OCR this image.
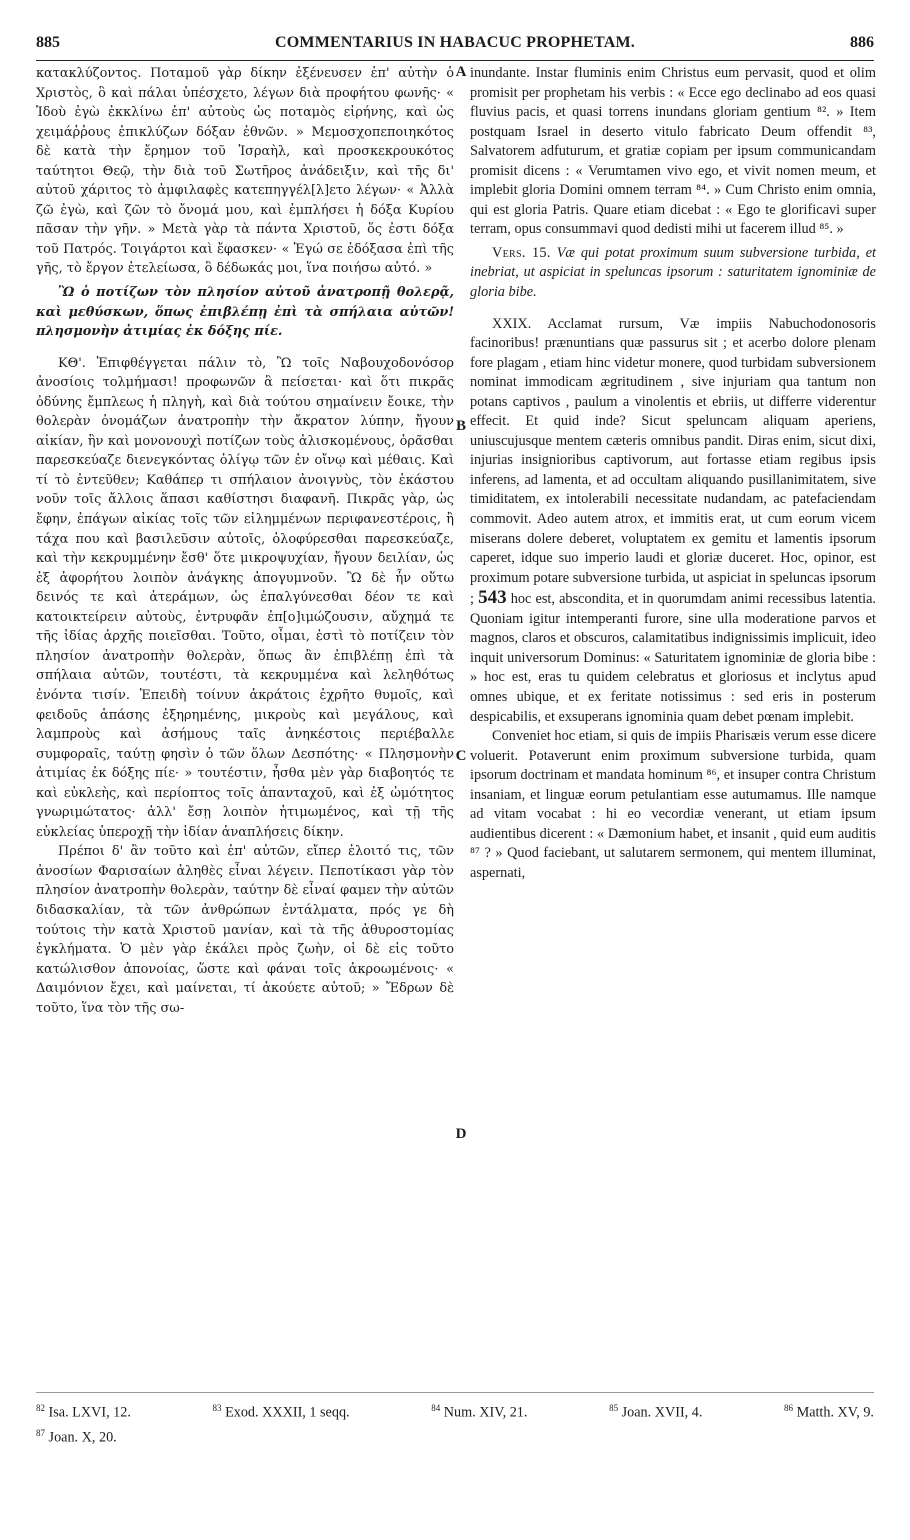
885	COMMENTARIUS IN HABACUC PROPHETAM.	886

κατακλύζοντος. Ποταμοῦ γὰρ δίκην ἐξένευσεν ἐπ' αὐτὴν ὁ Χριστὸς, ὃ καὶ πάλαι ὑπέσχετο, λέγων διὰ προφήτου φωνῆς· « Ἰδοὺ ἐγὼ ἐκκλίνω ἐπ' αὐτοὺς ὡς ποταμὸς εἰρήνης, καὶ ὡς χειμάῤῥους ἐπικλύζων δόξαν ἐθνῶν. » Μεμοσχοπεποιηκότος δὲ κατὰ τὴν ἔρημον τοῦ Ἰσραὴλ, καὶ προσκεκρουκότος ταύτητοι Θεῷ, τὴν διὰ τοῦ Σωτῆρος ἀνάδειξιν, καὶ τῆς δι' αὐτοῦ χάριτος τὸ ἀμφιλαφὲς κατεπηγγέλ[λ]ετο λέγων· « Ἀλλὰ ζῶ ἐγὼ, καὶ ζῶν τὸ ὄνομά μου, καὶ ἐμπλήσει ἡ δόξα Κυρίου πᾶσαν τὴν γῆν. » Μετὰ γὰρ τὰ πάντα Χριστοῦ, ὅς ἐστι δόξα τοῦ Πατρός. Τοιγάρτοι καὶ ἔφασκεν· « Ἐγώ σε ἐδόξασα ἐπὶ τῆς γῆς, τὸ ἔργον ἐτελείωσα, ὃ δέδωκάς μοι, ἵνα ποιήσω αὐτό. »

Ὢ ὁ ποτίζων τὸν πλησίον αὐτοῦ ἀνατροπῇ θολερᾷ, καὶ μεθύσκων, ὅπως ἐπιβλέπῃ ἐπὶ τὰ σπήλαια αὐτῶν! πλησμονὴν ἀτιμίας ἐκ δόξης πίε.

ΚΘ'. Ἐπιφθέγγεται πάλιν τὸ, Ὢ τοῖς Ναβουχοδονόσορ ἀνοσίοις τολμήμασι! προφωνῶν ἃ πείσεται· καὶ ὅτι πικρᾶς ὀδύνης ἔμπλεως ἡ πληγὴ, καὶ διὰ τούτου σημαίνειν ἔοικε, τὴν θολερὰν ὀνομάζων ἀνατροπὴν τὴν ἄκρατον λύπην, ἤγουν αἰκίαν, ἣν καὶ μονονουχὶ ποτίζων τοὺς ἁλισκομένους, ὁρᾶσθαι παρεσκεύαζε διενεγκόντας ὀλίγῳ τῶν ἐν οἴνῳ καὶ μέθαις. Καὶ τί τὸ ἐντεῦθεν; Καθάπερ τι σπήλαιον ἀνοιγνὺς, τὸν ἑκάστου νοῦν τοῖς ἄλλοις ἅπασι καθίστησι διαφανῆ. Πικρᾶς γὰρ, ὡς ἔφην, ἐπάγων αἰκίας τοῖς τῶν εἰλημμένων περιφανεστέροις, ἢ τάχα που καὶ βασιλεῦσιν αὐτοῖς, ὀλοφύρεσθαι παρεσκεύαζε, καὶ τὴν κεκρυμμένην ἔσθ' ὅτε μικροψυχίαν, ἤγουν δειλίαν, ὡς ἐξ ἀφορήτου λοιπὸν ἀνάγκης ἀπογυμνοῦν. Ὢ δὲ ἦν οὕτω δεινός τε καὶ ἀτεράμων, ὡς ἐπαλγύνεσθαι δέον τε καὶ κατοικτείρειν αὐτοὺς, ἐντρυφᾶν ἐπ[ο]ιμώζουσιν, αὔχημά τε τῆς ἰδίας ἀρχῆς ποιεῖσθαι. Τοῦτο, οἶμαι, ἐστὶ τὸ ποτίζειν τὸν πλησίον ἀνατροπὴν θολερὰν, ὅπως ἂν ἐπιβλέπῃ ἐπὶ τὰ σπήλαια αὐτῶν, τουτέστι, τὰ κεκρυμμένα καὶ λεληθότως ἐνόντα τισίν. Ἐπειδὴ τοίνυν ἀκράτοις ἐχρῆτο θυμοῖς, καὶ φειδοῦς ἁπάσης ἐξηρημένης, μικροὺς καὶ μεγάλους, καὶ λαμπροὺς καὶ ἀσήμους ταῖς ἀνηκέστοις περιέβαλλε συμφοραῖς, ταύτῃ φησὶν ὁ τῶν ὅλων Δεσπότης· « Πλησμονὴν ἀτιμίας ἐκ δόξης πίε· » τουτέστιν, ἦσθα μὲν γὰρ διαβοητός τε καὶ εὐκλεὴς, καὶ περίοπτος τοῖς ἁπανταχοῦ, καὶ ἐξ ὠμότητος γνωριμώτατος· ἀλλ' ἔσῃ λοιπὸν ἠτιμωμένος, καὶ τῇ τῆς εὐκλείας ὑπεροχῇ τὴν ἰδίαν ἀναπλήσεις δίκην.

Πρέποι δ' ἂν τοῦτο καὶ ἐπ' αὐτῶν, εἴπερ ἐλοιτό τις, τῶν ἀνοσίων Φαρισαίων ἀληθὲς εἶναι λέγειν. Πεποτίκασι γὰρ τὸν πλησίον ἀνατροπὴν θολερὰν, ταύτην δὲ εἶναί φαμεν τὴν αὐτῶν διδασκαλίαν, τὰ τῶν ἀνθρώπων ἐντάλματα, πρός γε δὴ τούτοις τὴν κατὰ Χριστοῦ μανίαν, καὶ τὰ τῆς ἀθυροστομίας ἐγκλήματα. Ὁ μὲν γὰρ ἐκάλει πρὸς ζωὴν, οἱ δὲ εἰς τοῦτο κατώλισθον ἀπονοίας, ὥστε καὶ φάναι τοῖς ἀκροωμένοις· « Δαιμόνιον ἔχει, καὶ μαίνεται, τί ἀκούετε αὐτοῦ; » Ἔδρων δὲ τοῦτο, ἵνα τὸν τῆς σω-

A
B
C
D

inundante. Instar fluminis enim Christus eum pervasit, quod et olim promisit per prophetam his verbis : « Ecce ego declinabo ad eos quasi fluvius pacis, et quasi torrens inundans gloriam gentium ⁸². » Item postquam Israel in deserto vitulo fabricato Deum offendit ⁸³, Salvatorem adfuturum, et gratiæ copiam per ipsum communicandam promisit dicens : « Verumtamen vivo ego, et vivit nomen meum, et implebit gloria Domini omnem terram ⁸⁴. » Cum Christo enim omnia, qui est gloria Patris. Quare etiam dicebat : « Ego te glorificavi super terram, opus consummavi quod dedisti mihi ut facerem illud ⁸⁵. »

Vers. 15. Væ qui potat proximum suum subversione turbida, et inebriat, ut aspiciat in speluncas ipsorum : saturitatem ignominiæ de gloria bibe.

XXIX. Acclamat rursum, Væ impiis Nabuchodonosoris facinoribus! prænuntians quæ passurus sit ; et acerbo dolore plenam fore plagam , etiam hinc videtur monere, quod turbidam subversionem nominat immodicam ægritudinem , sive injuriam qua tantum non potans captivos , paulum a vinolentis et ebriis, ut differre viderentur effecit. Et quid inde? Sicut speluncam aliquam aperiens, uniuscujusque mentem cæteris omnibus pandit. Diras enim, sicut dixi, injurias insignioribus captivorum, aut fortasse etiam regibus ipsis inferens, ad lamenta, et ad occultam aliquando pusillanimitatem, sive timiditatem, ex intolerabili necessitate nudandam, ac patefaciendam commovit. Adeo autem atrox, et immitis erat, ut cum eorum vicem miserans dolere deberet, voluptatem ex gemitu et lamentis ipsorum caperet, idque suo imperio laudi et gloriæ duceret. Hoc, opinor, est proximum potare subversione turbida, ut aspiciat in speluncas ipsorum ; 543 hoc est, abscondita, et in quorumdam animi recessibus latentia. Quoniam igitur intemperanti furore, sine ulla moderatione parvos et magnos, claros et obscuros, calamitatibus indignissimis implicuit, ideo inquit universorum Dominus: « Saturitatem ignominiæ de gloria bibe : » hoc est, eras tu quidem celebratus et gloriosus et inclytus apud omnes ubique, et ex feritate notissimus : sed eris in posterum despicabilis, et exsuperans ignominia quam debet pœnam implebit.

Conveniet hoc etiam, si quis de impiis Pharisæis verum esse dicere voluerit. Potaverunt enim proximum subversione turbida, quam ipsorum doctrinam et mandata hominum ⁸⁶, et insuper contra Christum insaniam, et linguæ eorum petulantiam esse autumamus. Ille namque ad vitam vocabat : hi eo vecordiæ venerant, ut etiam ipsum audientibus dicerent : « Dæmonium habet, et insanit , quid eum auditis ⁸⁷ ? » Quod faciebant, ut salutarem sermonem, qui mentem illuminat, aspernati,

$^{82}$ Isa. LXVI, 12.	$^{83}$ Exod. XXXII, 1 seqq.	$^{84}$ Num. XIV, 21.	$^{85}$ Joan. XVII, 4.	$^{86}$ Matth. XV, 9.
$^{87}$ Joan. X, 20.
